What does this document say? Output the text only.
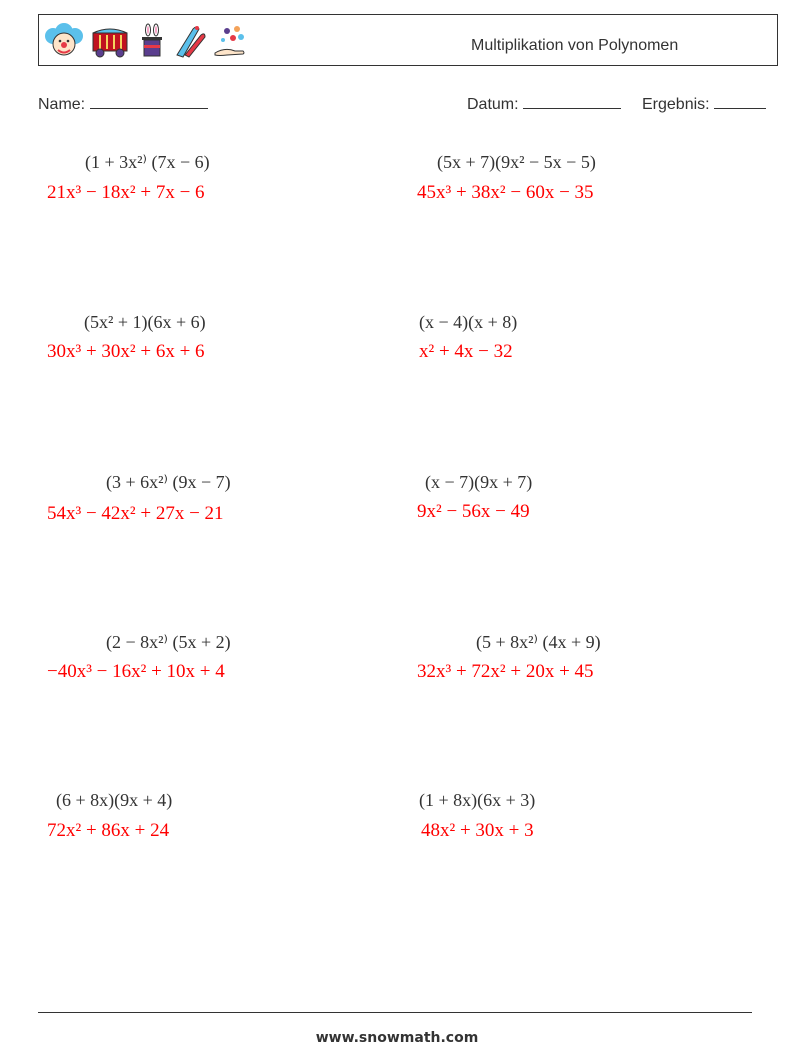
Multiplikation von Polynomen
Name:	Datum:	Ergebnis:
(1 + 3x²⁾ (7x − 6)
21x³ − 18x² + 7x − 6
(5x + 7)(9x² − 5x − 5)
45x³ + 38x² − 60x − 35
(5x² + 1)(6x + 6)
30x³ + 30x² + 6x + 6
(x − 4)(x + 8)
x² + 4x − 32
(3 + 6x²⁾ (9x − 7)
54x³ − 42x² + 27x − 21
(x − 7)(9x + 7)
9x² − 56x − 49
(2 − 8x²⁾ (5x + 2)
−40x³ − 16x² + 10x + 4
(5 + 8x²⁾ (4x + 9)
32x³ + 72x² + 20x + 45
(6 + 8x)(9x + 4)
72x² + 86x + 24
(1 + 8x)(6x + 3)
48x² + 30x + 3
www.snowmath.com
